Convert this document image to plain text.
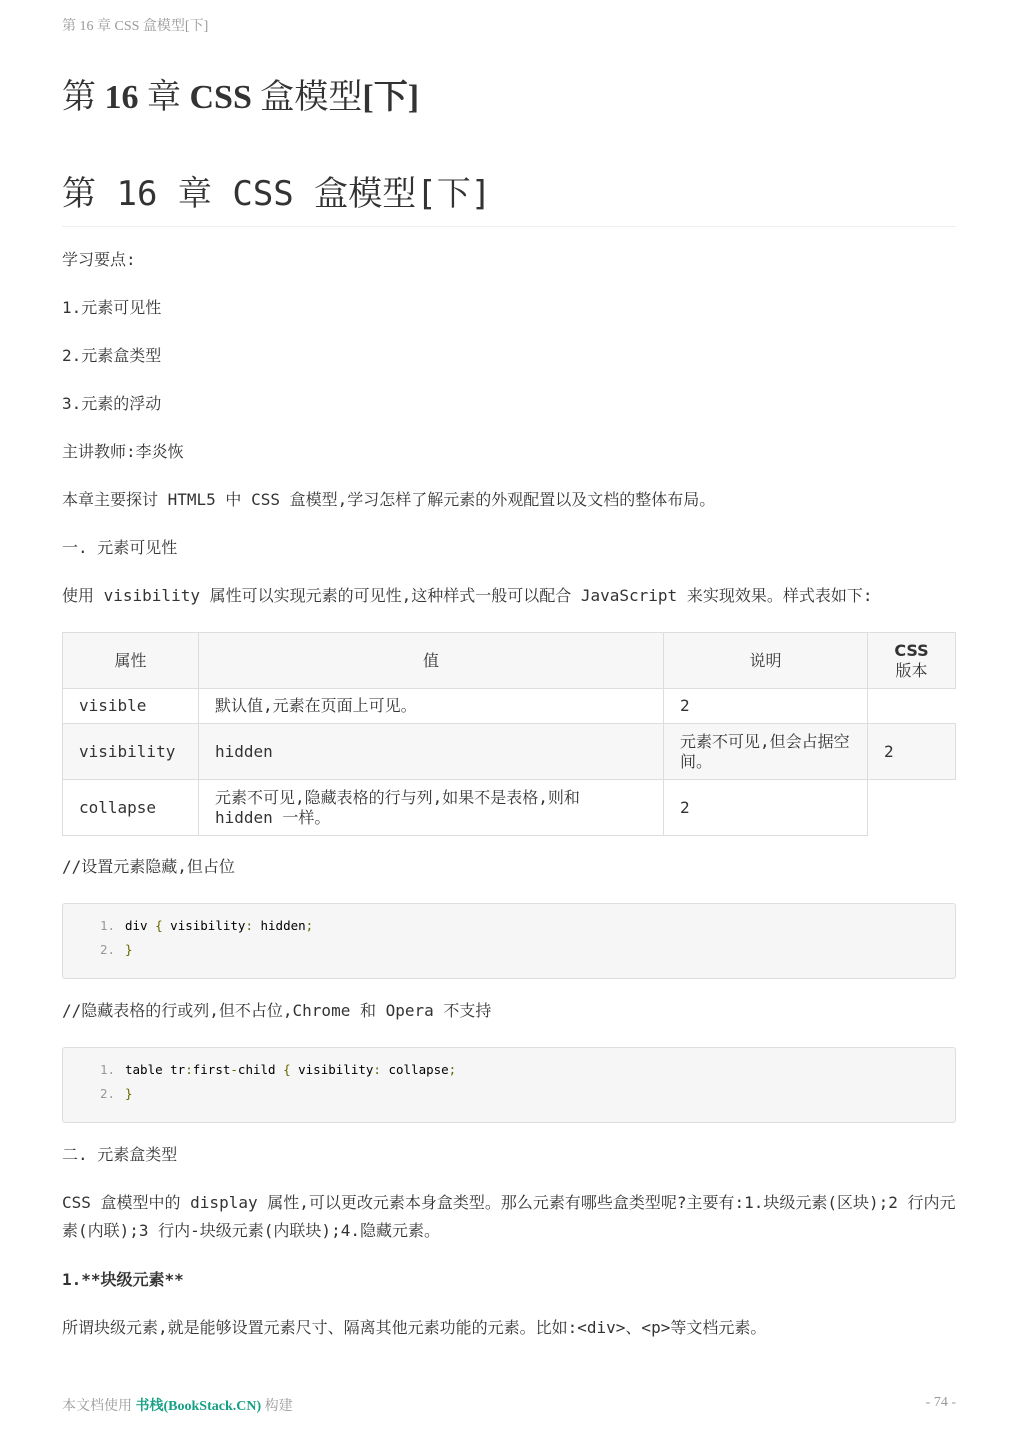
第 16 章 CSS 盒模型[下]
第 16 章 CSS 盒模型[下]
第 16 章 CSS 盒模型[下]

学习要点:

1.元素可见性

2.元素盒类型

3.元素的浮动

主讲教师:李炎恢

本章主要探讨 HTML5 中 CSS 盒模型,学习怎样了解元素的外观配置以及文档的整体布局。

一. 元素可见性

使用 visibility 属性可以实现元素的可见性,这种样式一般可以配合 JavaScript 来实现效果。样式表如下:

属性	值	说明	CSS
版本
visible	默认值,元素在页面上可见。	2	
visibility	hidden	元素不可见,但会占据空间。	2
collapse	元素不可见,隐藏表格的行与列,如果不是表格,则和 hidden 一样。	2	

//设置元素隐藏,但占位

1. div { visibility: hidden;
2. }

//隐藏表格的行或列,但不占位,Chrome 和 Opera 不支持

1. table tr:first-child { visibility: collapse;
2. }

二. 元素盒类型

CSS 盒模型中的 display 属性,可以更改元素本身盒类型。那么元素有哪些盒类型呢?主要有:1.块级元素(区块);2 行内元素(内联);3 行内-块级元素(内联块);4.隐藏元素。

1.**块级元素**

所谓块级元素,就是能够设置元素尺寸、隔离其他元素功能的元素。比如:<div>、<p>等文档元素。

本文档使用 书栈(BookStack.CN) 构建	- 74 -
